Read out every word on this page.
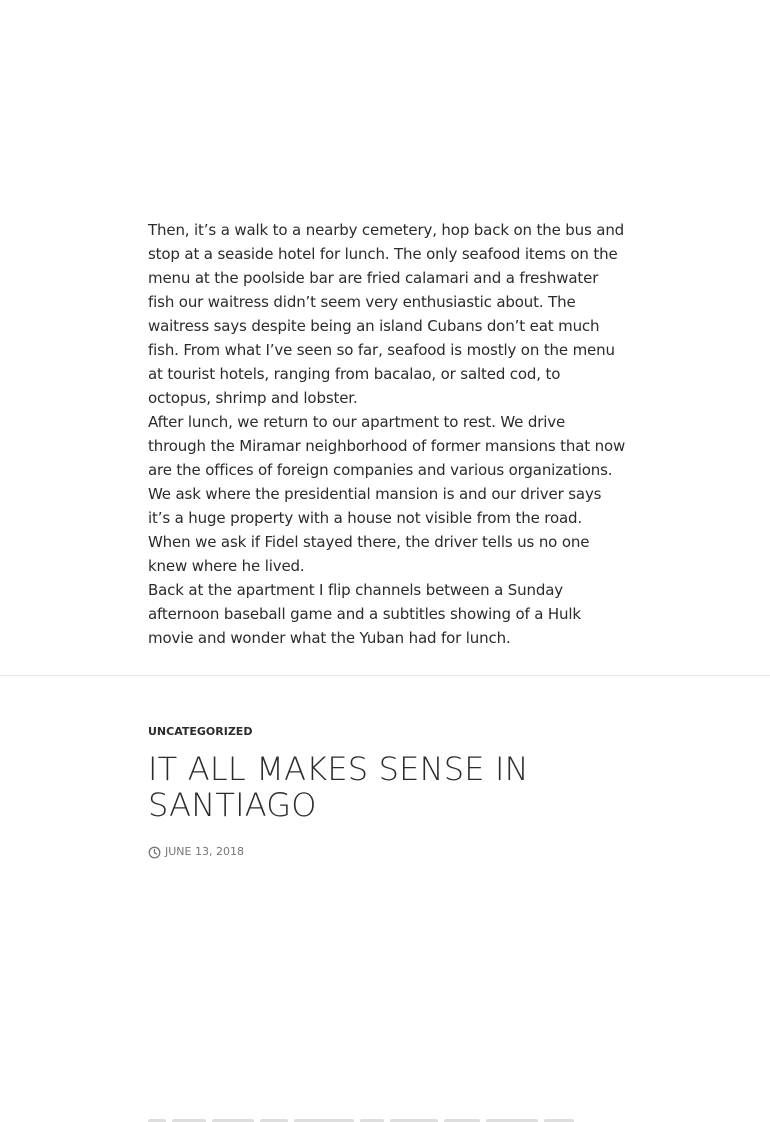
Then, it’s a walk to a nearby cemetery, hop back on the bus and stop at a seaside hotel for lunch. The only seafood items on the menu at the poolside bar are fried calamari and a freshwater fish our waitress didn’t seem very enthusiastic about. The waitress says despite being an island Cubans don’t eat much fish. From what I’ve seen so far, seafood is mostly on the menu at tourist hotels, ranging from bacalao, or salted cod, to octopus, shrimp and lobster.

After lunch, we return to our apartment to rest. We drive through the Miramar neighborhood of former mansions that now are the offices of foreign companies and various organizations. We ask where the presidential mansion is and our driver says it’s a huge property with a house not visible from the road. When we ask if Fidel stayed there, the driver tells us no one knew where he lived.

Back at the apartment I flip channels between a Sunday afternoon baseball game and a subtitles showing of a Hulk movie and wonder what the Yuban had for lunch.

UNCATEGORIZED
IT ALL MAKES SENSE IN SANTIAGO
JUNE 13, 2018
